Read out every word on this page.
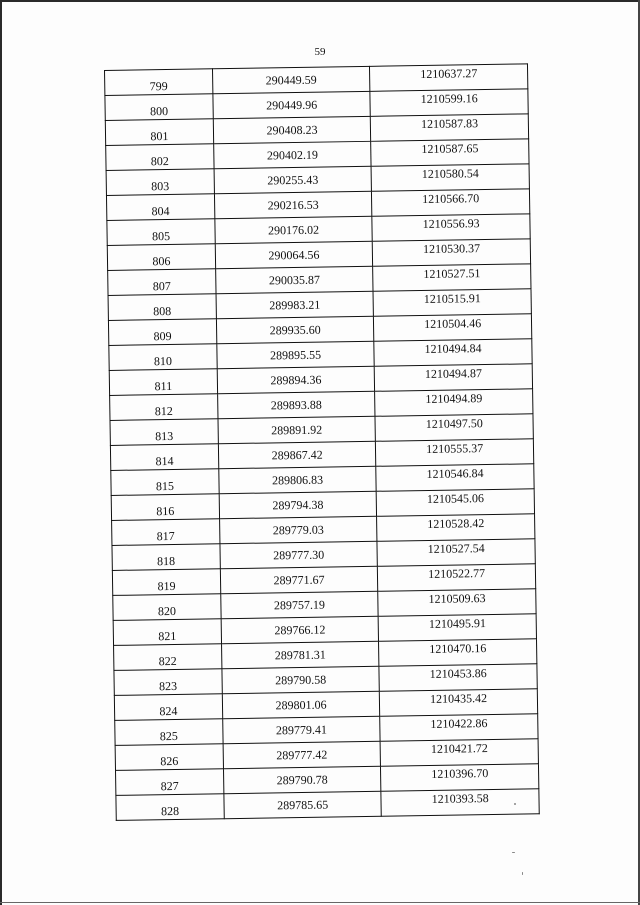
59
799	290449.59	1210637.27
800	290449.96	1210599.16
801	290408.23	1210587.83
802	290402.19	1210587.65
803	290255.43	1210580.54
804	290216.53	1210566.70
805	290176.02	1210556.93
806	290064.56	1210530.37
807	290035.87	1210527.51
808	289983.21	1210515.91
809	289935.60	1210504.46
810	289895.55	1210494.84
811	289894.36	1210494.87
812	289893.88	1210494.89
813	289891.92	1210497.50
814	289867.42	1210555.37
815	289806.83	1210546.84
816	289794.38	1210545.06
817	289779.03	1210528.42
818	289777.30	1210527.54
819	289771.67	1210522.77
820	289757.19	1210509.63
821	289766.12	1210495.91
822	289781.31	1210470.16
823	289790.58	1210453.86
824	289801.06	1210435.42
825	289779.41	1210422.86
826	289777.42	1210421.72
827	289790.78	1210396.70
828	289785.65	1210393.58
